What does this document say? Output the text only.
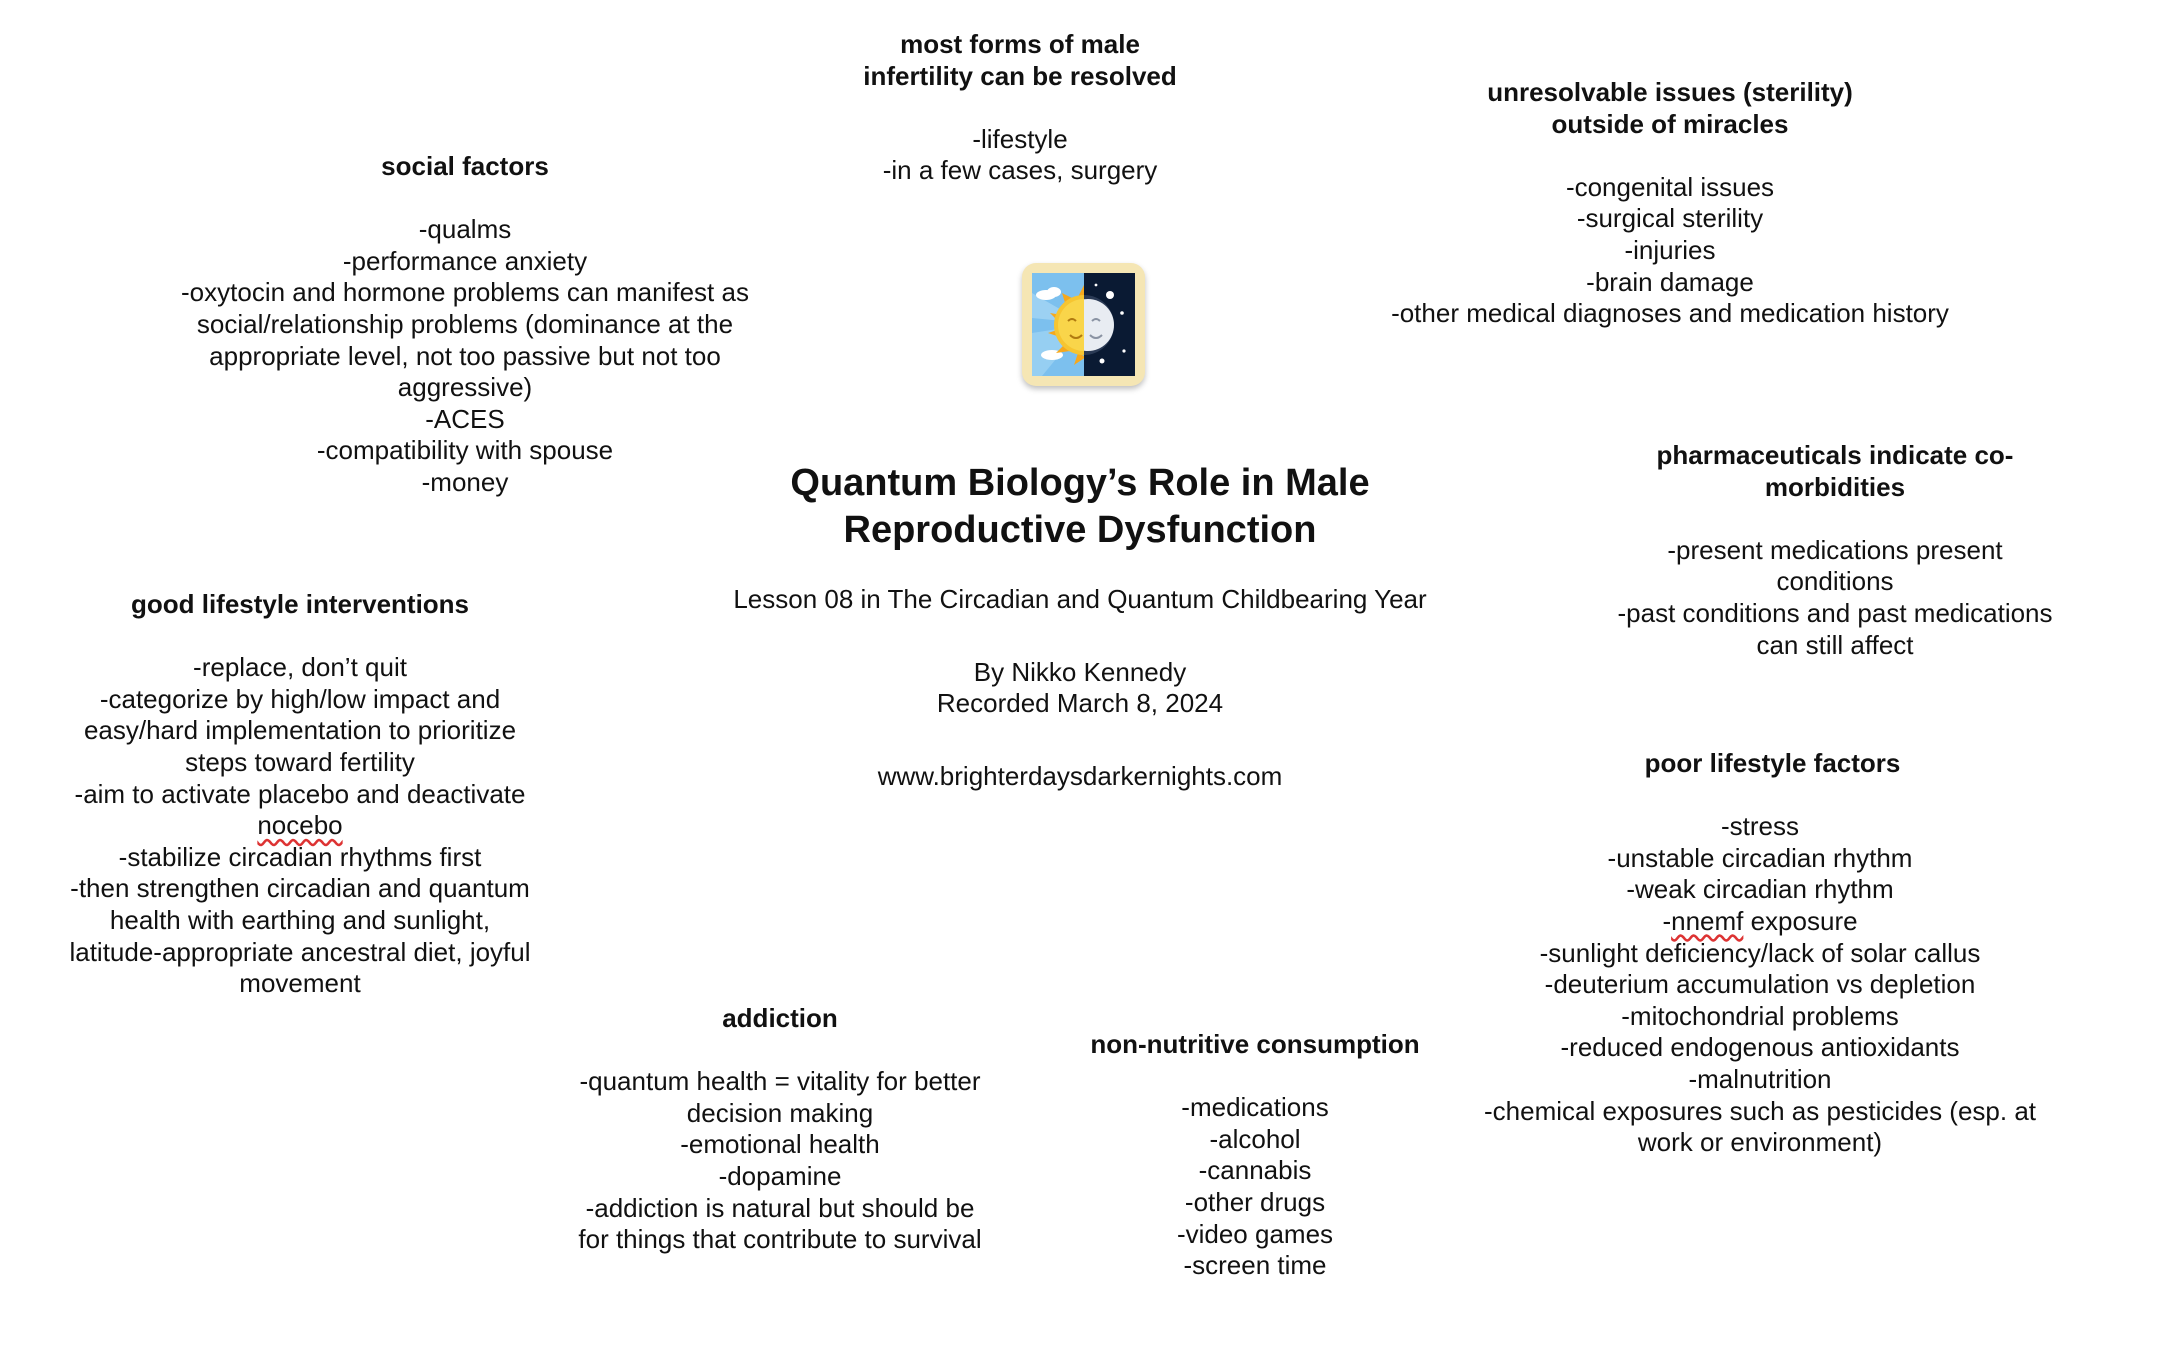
Quantum Biology’s Role in Male
Reproductive Dysfunction
Lesson 08 in The Circadian and Quantum Childbearing Year
By Nikko Kennedy
Recorded March 8, 2024
www.brighterdaysdarkernights.com
most forms of male
infertility can be resolved
-lifestyle
-in a few cases, surgery
unresolvable issues (sterility)
outside of miracles
-congenital issues
-surgical sterility
-injuries
-brain damage
-other medical diagnoses and medication history
social factors
-qualms
-performance anxiety
-oxytocin and hormone problems can manifest as
social/relationship problems (dominance at the
appropriate level, not too passive but not too
aggressive)
-ACES
-compatibility with spouse
-money
pharmaceuticals indicate co-
morbidities
-present medications present
conditions
-past conditions and past medications
can still affect
good lifestyle interventions
-replace, don’t quit
-categorize by high/low impact and
easy/hard implementation to prioritize
steps toward fertility
-aim to activate placebo and deactivate
nocebo
-stabilize circadian rhythms first
-then strengthen circadian and quantum
health with earthing and sunlight,
latitude-appropriate ancestral diet, joyful
movement
poor lifestyle factors
-stress
-unstable circadian rhythm
-weak circadian rhythm
-nnemf exposure
-sunlight deficiency/lack of solar callus
-deuterium accumulation vs depletion
-mitochondrial problems
-reduced endogenous antioxidants
-malnutrition
-chemical exposures such as pesticides (esp. at
work or environment)
addiction
-quantum health = vitality for better
decision making
-emotional health
-dopamine
-addiction is natural but should be
for things that contribute to survival
non-nutritive consumption
-medications
-alcohol
-cannabis
-other drugs
-video games
-screen time
